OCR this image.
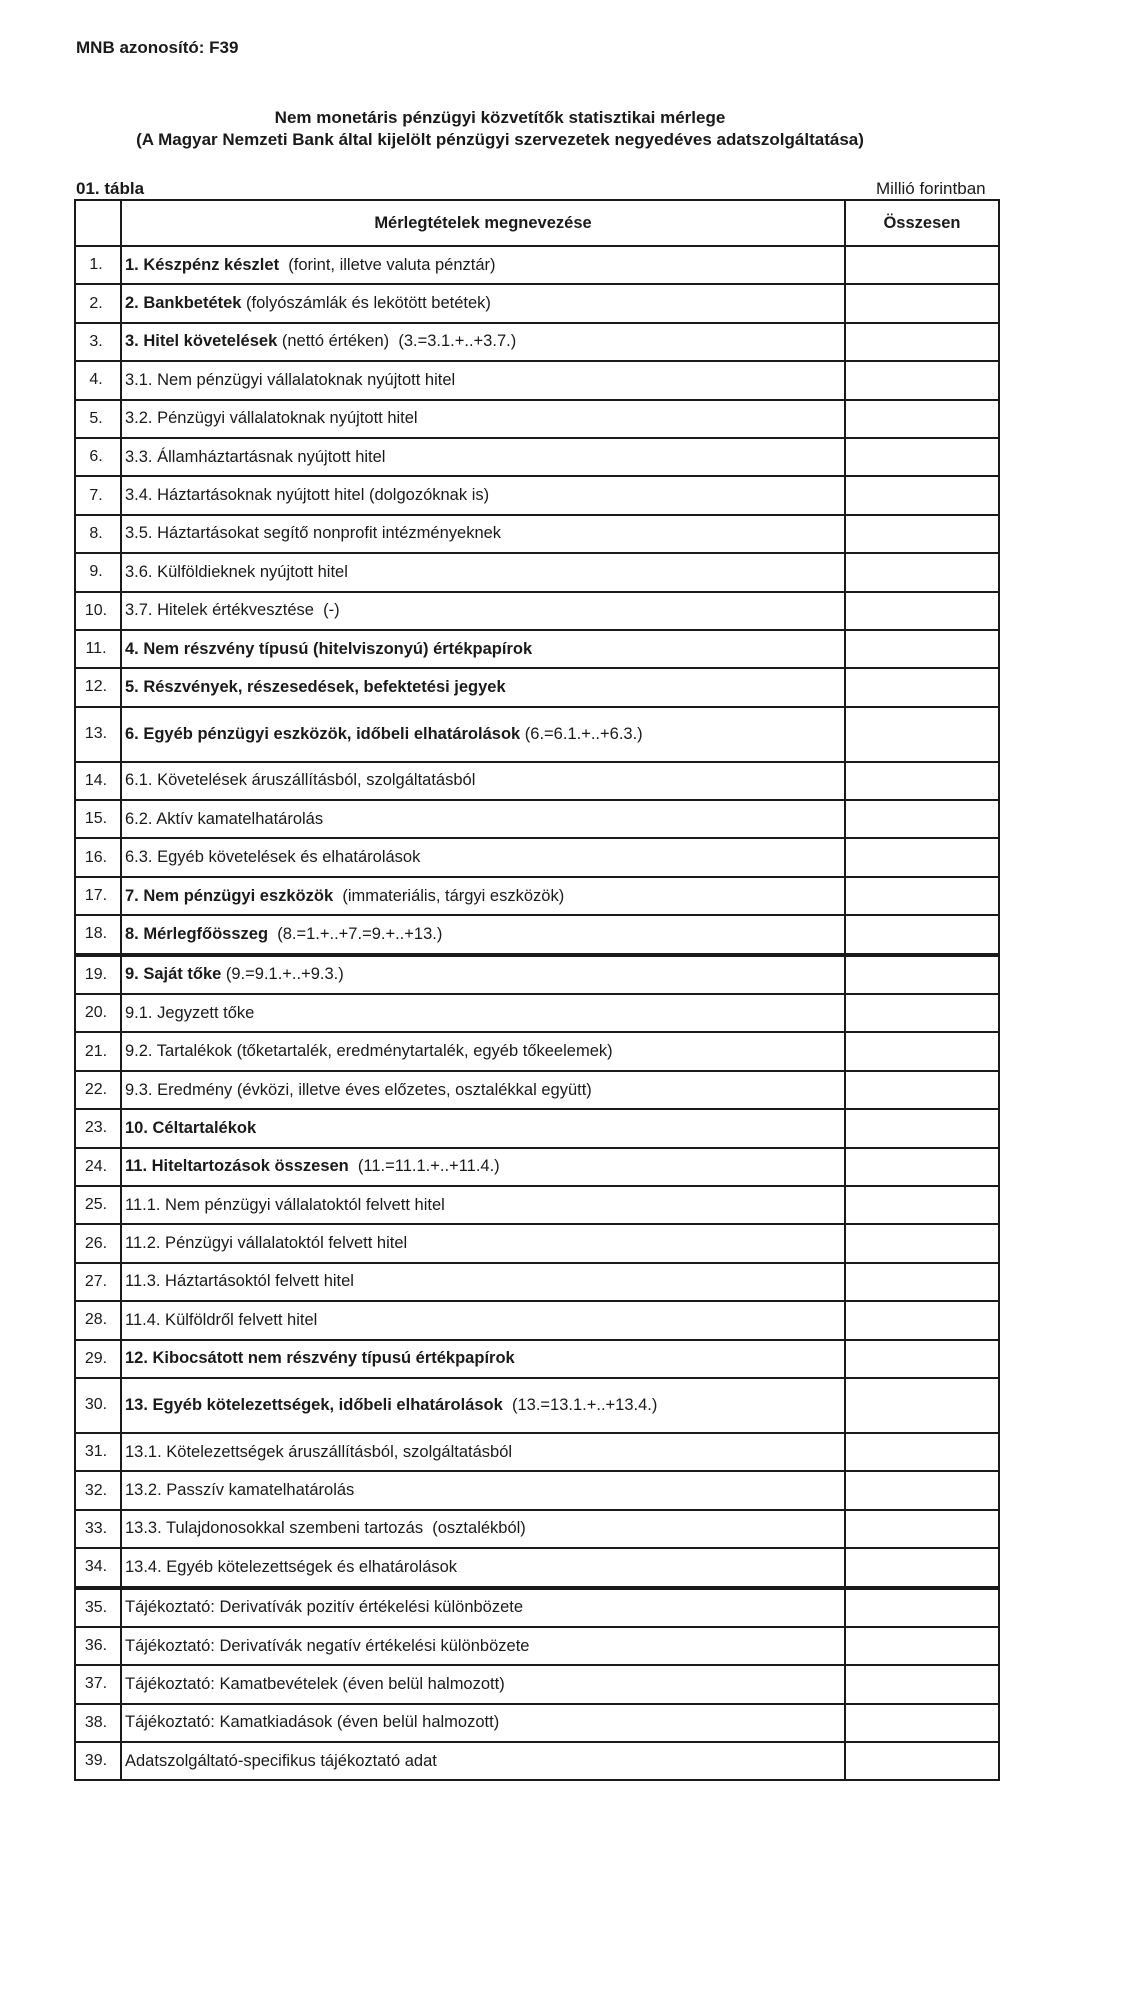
MNB azonosító: F39
Nem monetáris pénzügyi közvetítők statisztikai mérlege
(A Magyar Nemzeti Bank által kijelölt pénzügyi szervezetek negyedéves adatszolgáltatása)
01. tábla	Millió forintban
	Mérlegtételek megnevezése	Összesen
1.	1. Készpénz készlet  (forint, illetve valuta pénztár)	
2.	2. Bankbetétek (folyószámlák és lekötött betétek)	
3.	3. Hitel követelések (nettó értéken)  (3.=3.1.+..+3.7.)	
4.	3.1. Nem pénzügyi vállalatoknak nyújtott hitel	
5.	3.2. Pénzügyi vállalatoknak nyújtott hitel	
6.	3.3. Államháztartásnak nyújtott hitel	
7.	3.4. Háztartásoknak nyújtott hitel (dolgozóknak is)	
8.	3.5. Háztartásokat segítő nonprofit intézményeknek	
9.	3.6. Külföldieknek nyújtott hitel	
10.	3.7. Hitelek értékvesztése  (-)	
11.	4. Nem részvény típusú (hitelviszonyú) értékpapírok	
12.	5. Részvények, részesedések, befektetési jegyek	
13.	6. Egyéb pénzügyi eszközök, időbeli elhatárolások (6.=6.1.+..+6.3.)	
14.	6.1. Követelések áruszállításból, szolgáltatásból	
15.	6.2. Aktív kamatelhatárolás	
16.	6.3. Egyéb követelések és elhatárolások	
17.	7. Nem pénzügyi eszközök  (immateriális, tárgyi eszközök)	
18.	8. Mérlegfőösszeg  (8.=1.+..+7.=9.+..+13.)	
19.	9. Saját tőke (9.=9.1.+..+9.3.)	
20.	9.1. Jegyzett tőke	
21.	9.2. Tartalékok (tőketartalék, eredménytartalék, egyéb tőkeelemek)	
22.	9.3. Eredmény (évközi, illetve éves előzetes, osztalékkal együtt)	
23.	10. Céltartalékok	
24.	11. Hiteltartozások összesen  (11.=11.1.+..+11.4.)	
25.	11.1. Nem pénzügyi vállalatoktól felvett hitel	
26.	11.2. Pénzügyi vállalatoktól felvett hitel	
27.	11.3. Háztartásoktól felvett hitel	
28.	11.4. Külföldről felvett hitel	
29.	12. Kibocsátott nem részvény típusú értékpapírok	
30.	13. Egyéb kötelezettségek, időbeli elhatárolások  (13.=13.1.+..+13.4.)	
31.	13.1. Kötelezettségek áruszállításból, szolgáltatásból	
32.	13.2. Passzív kamatelhatárolás	
33.	13.3. Tulajdonosokkal szembeni tartozás  (osztalékból)	
34.	13.4. Egyéb kötelezettségek és elhatárolások	
35.	Tájékoztató: Derivatívák pozitív értékelési különbözete	
36.	Tájékoztató: Derivatívák negatív értékelési különbözete	
37.	Tájékoztató: Kamatbevételek (éven belül halmozott)	
38.	Tájékoztató: Kamatkiadások (éven belül halmozott)	
39.	Adatszolgáltató-specifikus tájékoztató adat	
